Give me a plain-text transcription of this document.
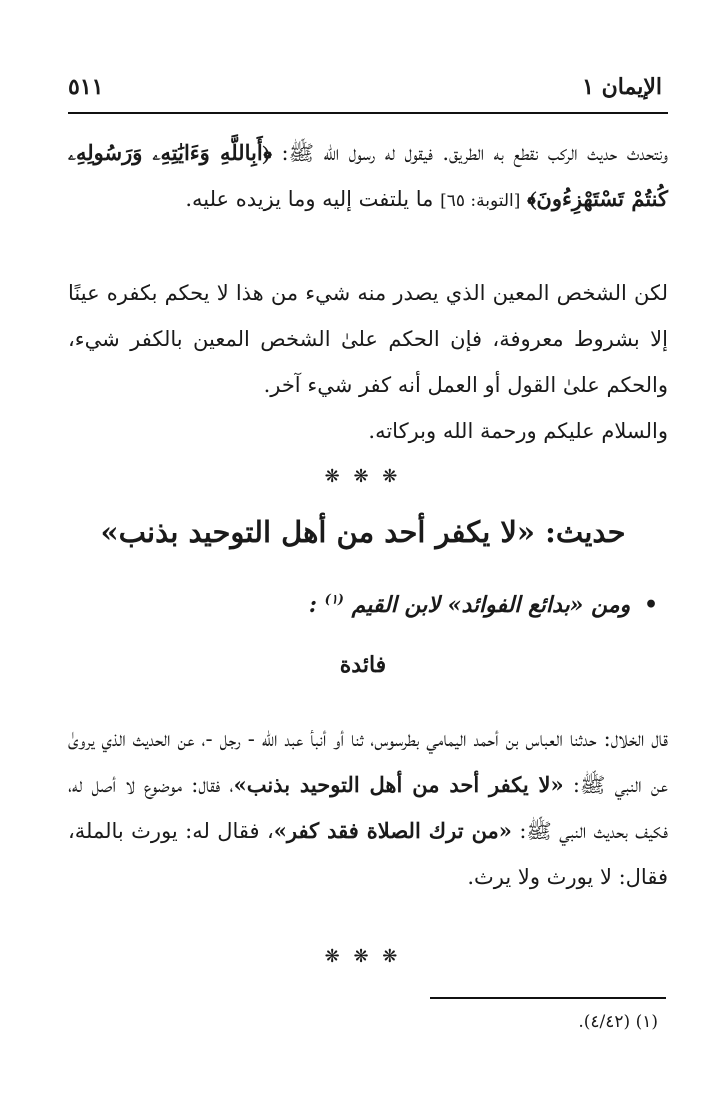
الإيمان ١
٥١١
ونتحدث حديث الركب نقطع به الطريق. فيقول له رسول الله ﷺ: ﴿أَبِاللَّهِ وَءَايَٰتِهِۦ وَرَسُولِهِۦ كُنتُمْ تَسْتَهْزِءُونَ﴾ [التوبة: ٦٥] ما يلتفت إليه وما يزيده عليه.
لكن الشخص المعين الذي يصدر منه شيء من هذا لا يحكم بكفره عينًا إلا بشروط معروفة، فإن الحكم علىٰ الشخص المعين بالكفر شيء، والحكم علىٰ القول أو العمل أنه كفر شيء آخر.
والسلام عليكم ورحمة الله وبركاته.
❋ ❋ ❋
حديث: «لا يكفر أحد من أهل التوحيد بذنب»
• ومن «بدائع الفوائد» لابن القيم $^{(١)}$ :
فائدة
قال الخلال: حدثنا العباس بن أحمد اليمامي بطرسوس، ثنا أو أنبأ عبد الله - رجل -، عن الحديث الذي يروىٰ عن النبي ﷺ: «لا يكفر أحد من أهل التوحيد بذنب»، فقال: موضوع لا أصل له، فكيف بحديث النبي ﷺ: «من ترك الصلاة فقد كفر»، فقال له: يورث بالملة، فقال: لا يورث ولا يرث.
❋ ❋ ❋
(١) (٤/٤٢).
